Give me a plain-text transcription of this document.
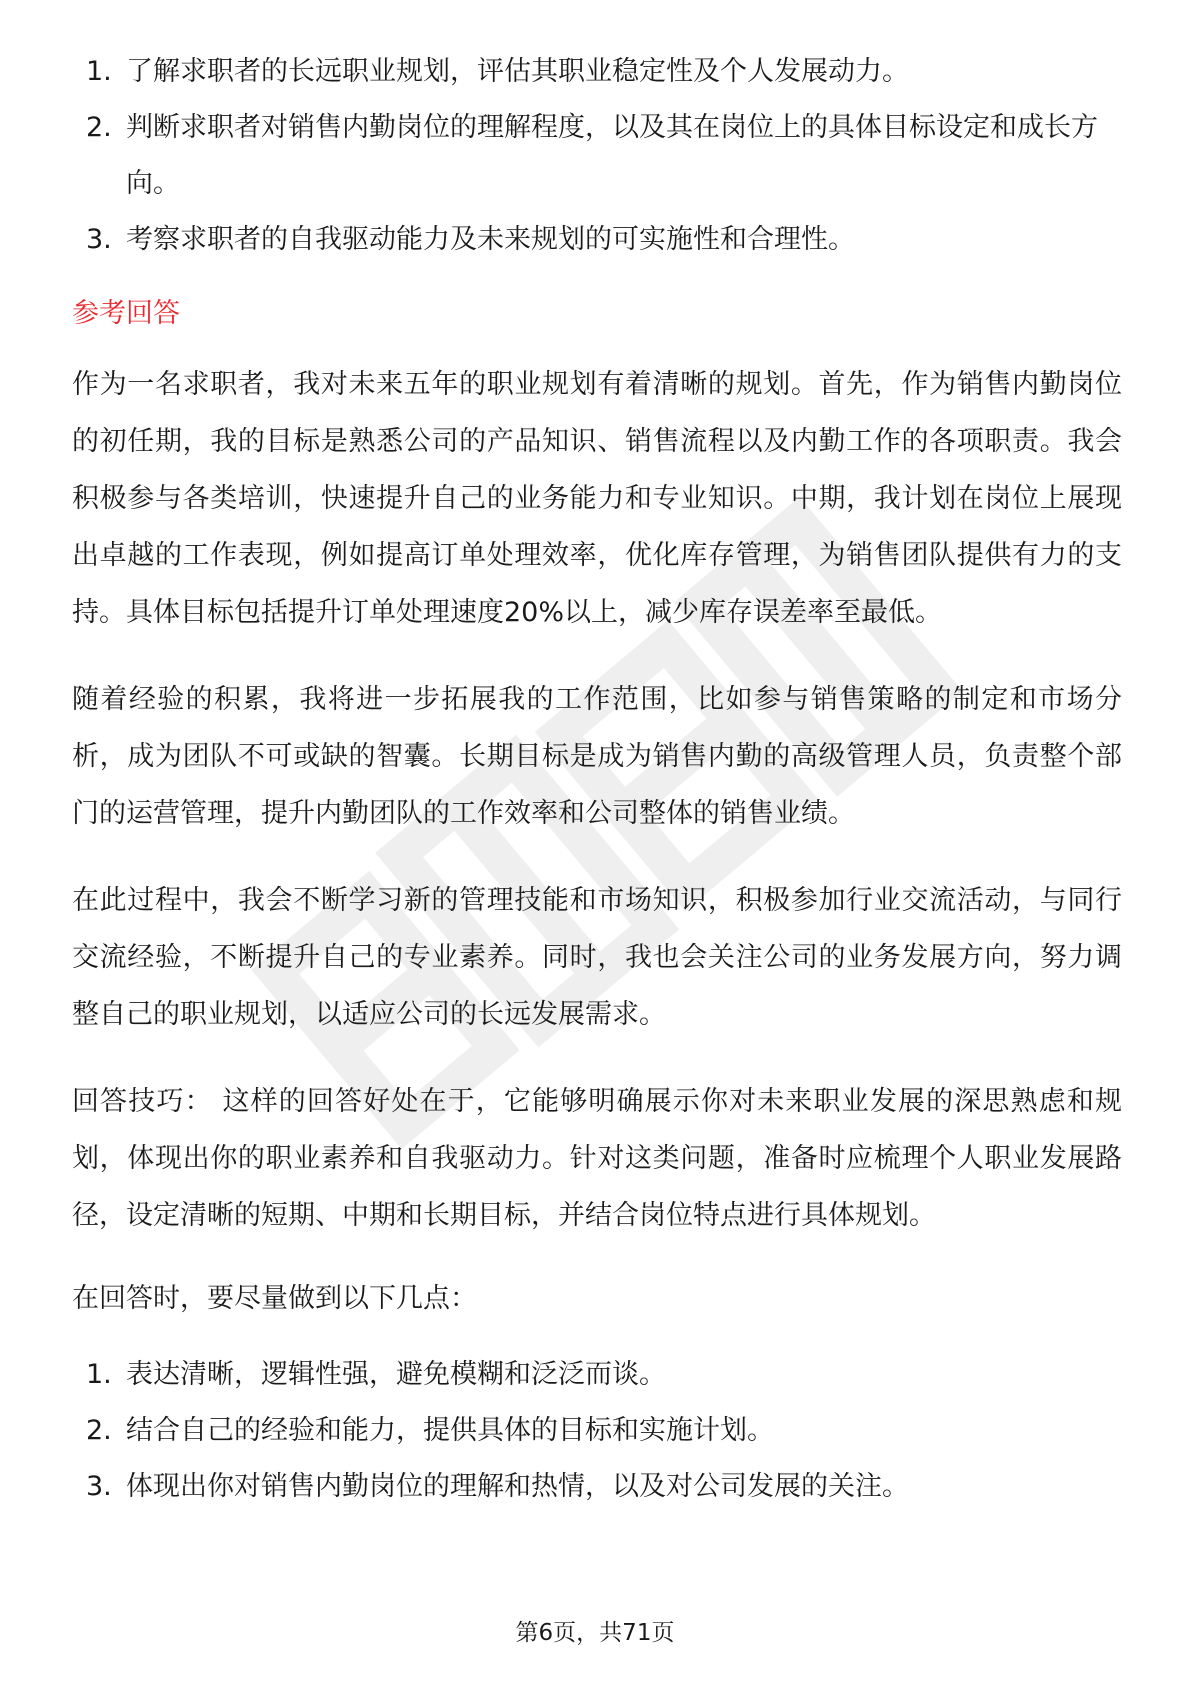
1. 了解求职者的长远职业规划，评估其职业稳定性及个人发展动力。
2. 判断求职者对销售内勤岗位的理解程度，以及其在岗位上的具体目标设定和成长方向。
3. 考察求职者的自我驱动能力及未来规划的可实施性和合理性。
参考回答

作为一名求职者，我对未来五年的职业规划有着清晰的规划。首先，作为销售内勤岗位的初任期，我的目标是熟悉公司的产品知识、销售流程以及内勤工作的各项职责。我会积极参与各类培训，快速提升自己的业务能力和专业知识。中期，我计划在岗位上展现出卓越的工作表现，例如提高订单处理效率，优化库存管理，为销售团队提供有力的支持。具体目标包括提升订单处理速度20%以上，减少库存误差率至最低。

随着经验的积累，我将进一步拓展我的工作范围，比如参与销售策略的制定和市场分析，成为团队不可或缺的智囊。长期目标是成为销售内勤的高级管理人员，负责整个部门的运营管理，提升内勤团队的工作效率和公司整体的销售业绩。

在此过程中，我会不断学习新的管理技能和市场知识，积极参加行业交流活动，与同行交流经验，不断提升自己的专业素养。同时，我也会关注公司的业务发展方向，努力调整自己的职业规划，以适应公司的长远发展需求。

回答技巧： 这样的回答好处在于，它能够明确展示你对未来职业发展的深思熟虑和规划，体现出你的职业素养和自我驱动力。针对这类问题，准备时应梳理个人职业发展路径，设定清晰的短期、中期和长期目标，并结合岗位特点进行具体规划。

在回答时，要尽量做到以下几点：

1. 表达清晰，逻辑性强，避免模糊和泛泛而谈。
2. 结合自己的经验和能力，提供具体的目标和实施计划。
3. 体现出你对销售内勤岗位的理解和热情，以及对公司发展的关注。
第6页，共71页
